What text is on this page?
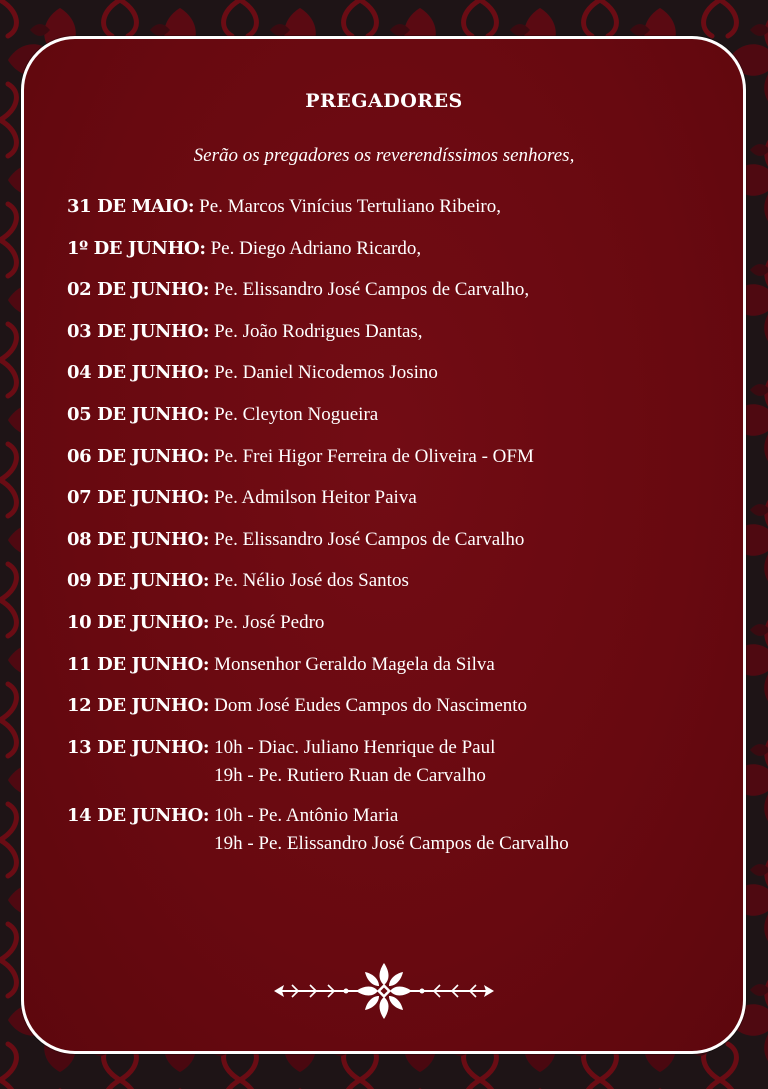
PREGADORES
Serão os pregadores os reverendíssimos senhores,
31 DE MAIO: Pe. Marcos Vinícius Tertuliano Ribeiro,
1º DE JUNHO: Pe. Diego Adriano Ricardo,
02 DE JUNHO: Pe. Elissandro José Campos de Carvalho,
03 DE JUNHO: Pe. João Rodrigues Dantas,
04 DE JUNHO: Pe. Daniel Nicodemos Josino
05 DE JUNHO: Pe. Cleyton Nogueira
06 DE JUNHO: Pe. Frei Higor Ferreira de Oliveira - OFM
07 DE JUNHO: Pe. Admilson Heitor Paiva
08 DE JUNHO: Pe. Elissandro José Campos de Carvalho
09 DE JUNHO: Pe. Nélio José dos Santos
10 DE JUNHO: Pe. José Pedro
11 DE JUNHO: Monsenhor Geraldo Magela da Silva
12 DE JUNHO: Dom José Eudes Campos do Nascimento
13 DE JUNHO: 10h - Diac. Juliano Henrique de Paul
19h - Pe. Rutiero Ruan de Carvalho
14 DE JUNHO: 10h - Pe. Antônio Maria
19h - Pe. Elissandro José Campos de Carvalho
